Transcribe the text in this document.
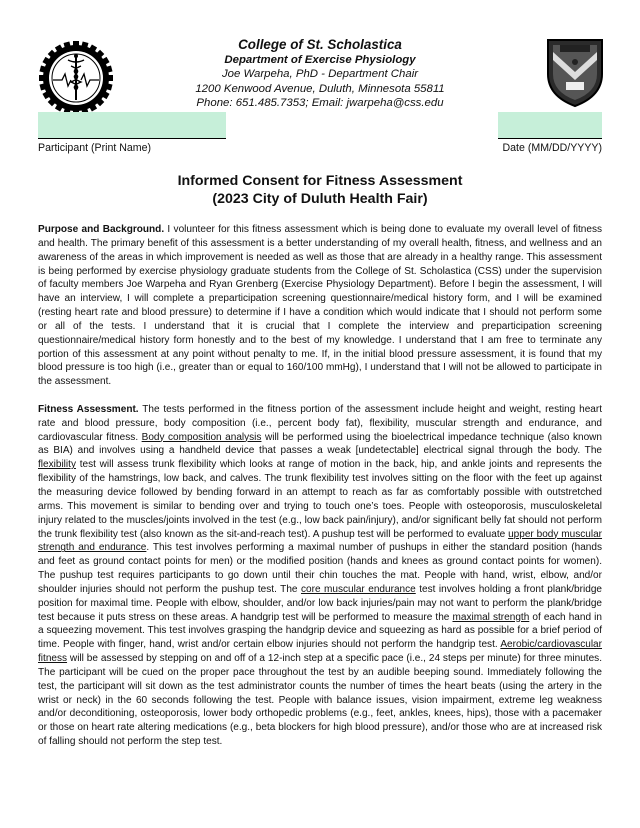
College of St. Scholastica
Department of Exercise Physiology
Joe Warpeha, PhD - Department Chair
1200 Kenwood Avenue, Duluth, Minnesota 55811
Phone: 651.485.7353; Email: jwarpeha@css.edu
Participant (Print Name)	Date (MM/DD/YYYY)
Informed Consent for Fitness Assessment
(2023 City of Duluth Health Fair)

Purpose and Background. I volunteer for this fitness assessment which is being done to evaluate my overall level of fitness and health. The primary benefit of this assessment is a better understanding of my overall health, fitness, and wellness and an awareness of the areas in which improvement is needed as well as those that are already in a healthy range. This assessment is being performed by exercise physiology graduate students from the College of St. Scholastica (CSS) under the supervision of faculty members Joe Warpeha and Ryan Grenberg (Exercise Physiology Department). Before I begin the assessment, I will have an interview, I will complete a preparticipation screening questionnaire/medical history form, and I will be examined (resting heart rate and blood pressure) to determine if I have a condition which would indicate that I should not perform some or all of the tests. I understand that it is crucial that I complete the interview and preparticipation screening questionnaire/medical history form honestly and to the best of my knowledge. I understand that I am free to terminate any portion of this assessment at any point without penalty to me. If, in the initial blood pressure assessment, it is found that my blood pressure is too high (i.e., greater than or equal to 160/100 mmHg), I understand that I will not be allowed to participate in the assessment.

Fitness Assessment. The tests performed in the fitness portion of the assessment include height and weight, resting heart rate and blood pressure, body composition (i.e., percent body fat), flexibility, muscular strength and endurance, and cardiovascular fitness. Body composition analysis will be performed using the bioelectrical impedance technique (also known as BIA) and involves using a handheld device that passes a weak [undetectable] electrical signal through the body. The flexibility test will assess trunk flexibility which looks at range of motion in the back, hip, and ankle joints and represents the flexibility of the hamstrings, low back, and calves. The trunk flexibility test involves sitting on the floor with the feet up against the measuring device followed by bending forward in an attempt to reach as far as comfortably possible with outstretched arms. This movement is similar to bending over and trying to touch one’s toes. People with osteoporosis, musculoskeletal injury related to the muscles/joints involved in the test (e.g., low back pain/injury), and/or significant belly fat should not perform the trunk flexibility test (also known as the sit-and-reach test). A pushup test will be performed to evaluate upper body muscular strength and endurance. This test involves performing a maximal number of pushups in either the standard position (hands and feet as ground contact points for men) or the modified position (hands and knees as ground contact points for women). The pushup test requires participants to go down until their chin touches the mat. People with hand, wrist, elbow, and/or shoulder injuries should not perform the pushup test. The core muscular endurance test involves holding a front plank/bridge position for maximal time. People with elbow, shoulder, and/or low back injuries/pain may not want to perform the plank/bridge test because it puts stress on these areas. A handgrip test will be performed to measure the maximal strength of each hand in a squeezing movement. This test involves grasping the handgrip device and squeezing as hard as possible for a brief period of time. People with finger, hand, wrist and/or certain elbow injuries should not perform the handgrip test. Aerobic/cardiovascular fitness will be assessed by stepping on and off of a 12-inch step at a specific pace (i.e., 24 steps per minute) for three minutes. The participant will be cued on the proper pace throughout the test by an audible beeping sound. Immediately following the test, the participant will sit down as the test administrator counts the number of times the heart beats (using the artery in the wrist or neck) in the 60 seconds following the test. People with balance issues, vision impairment, extreme leg weakness and/or deconditioning, osteoporosis, lower body orthopedic problems (e.g., feet, ankles, knees, hips), those with a pacemaker or those on heart rate altering medications (e.g., beta blockers for high blood pressure), and/or those who are at increased risk of falling should not perform the step test.
